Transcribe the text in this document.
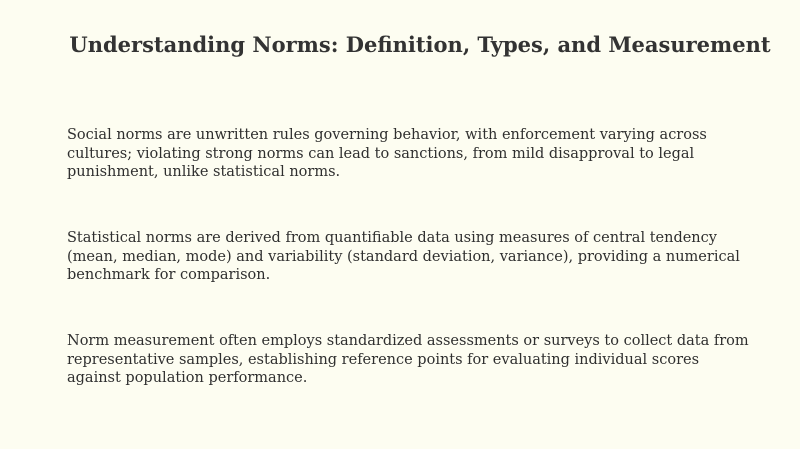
Understanding Norms: Definition, Types, and Measurement

Social norms are unwritten rules governing behavior, with enforcement varying across cultures; violating strong norms can lead to sanctions, from mild disapproval to legal punishment, unlike statistical norms.

Statistical norms are derived from quantifiable data using measures of central tendency (mean, median, mode) and variability (standard deviation, variance), providing a numerical benchmark for comparison.

Norm measurement often employs standardized assessments or surveys to collect data from representative samples, establishing reference points for evaluating individual scores against population performance.
